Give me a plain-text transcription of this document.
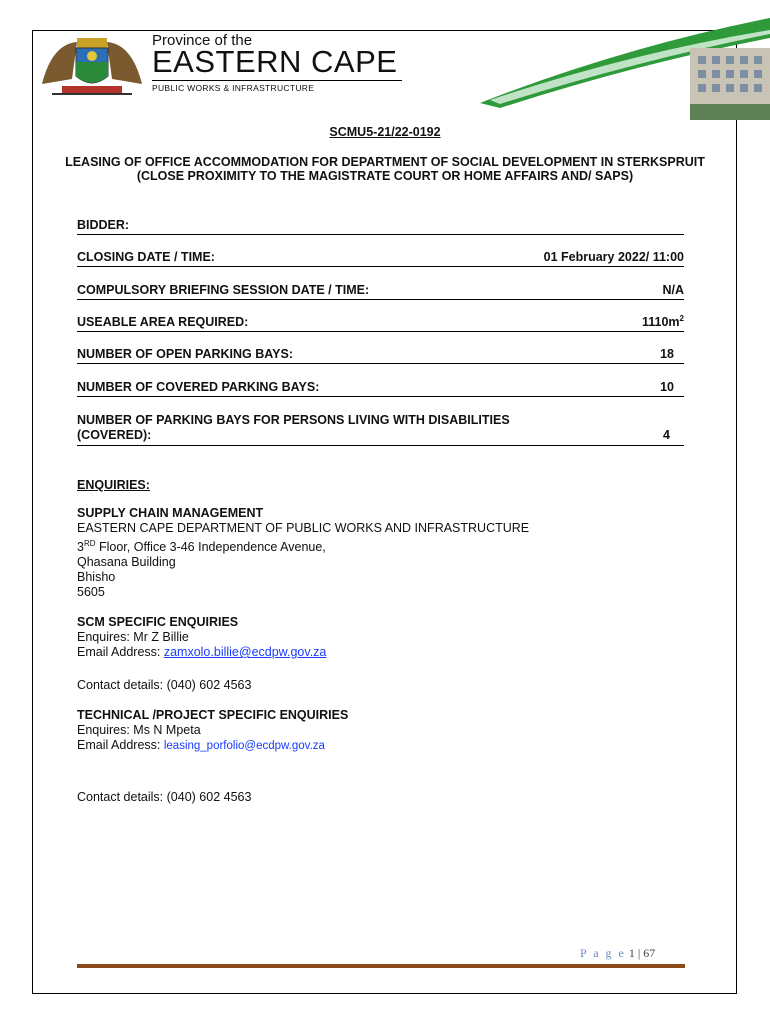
Province of the
EASTERN CAPE
PUBLIC WORKS & INFRASTRUCTURE
SCMU5-21/22-0192
LEASING OF OFFICE ACCOMMODATION FOR DEPARTMENT OF SOCIAL DEVELOPMENT IN STERKSPRUIT (CLOSE PROXIMITY TO THE MAGISTRATE COURT OR HOME AFFAIRS AND/ SAPS)
BIDDER:
CLOSING DATE / TIME:	01 February 2022/ 11:00
COMPULSORY BRIEFING SESSION DATE / TIME:	N/A
USEABLE AREA REQUIRED:	$1110m^2$
NUMBER OF OPEN PARKING BAYS:	18
NUMBER OF COVERED PARKING BAYS:	10
NUMBER OF PARKING BAYS FOR PERSONS LIVING WITH DISABILITIES
(COVERED):	4
ENQUIRIES:
SUPPLY CHAIN MANAGEMENT
EASTERN CAPE DEPARTMENT OF PUBLIC WORKS AND INFRASTRUCTURE
3RD Floor, Office 3-46 Independence Avenue,
Qhasana Building
Bhisho
5605
SCM SPECIFIC ENQUIRIES
Enquires: Mr Z Billie
Email Address: zamxolo.billie@ecdpw.gov.za
Contact details: (040) 602 4563
TECHNICAL /PROJECT SPECIFIC ENQUIRIES
Enquires: Ms N Mpeta
Email Address: leasing_porfolio@ecdpw.gov.za
Contact details: (040) 602 4563
P a g e 1 | 67
